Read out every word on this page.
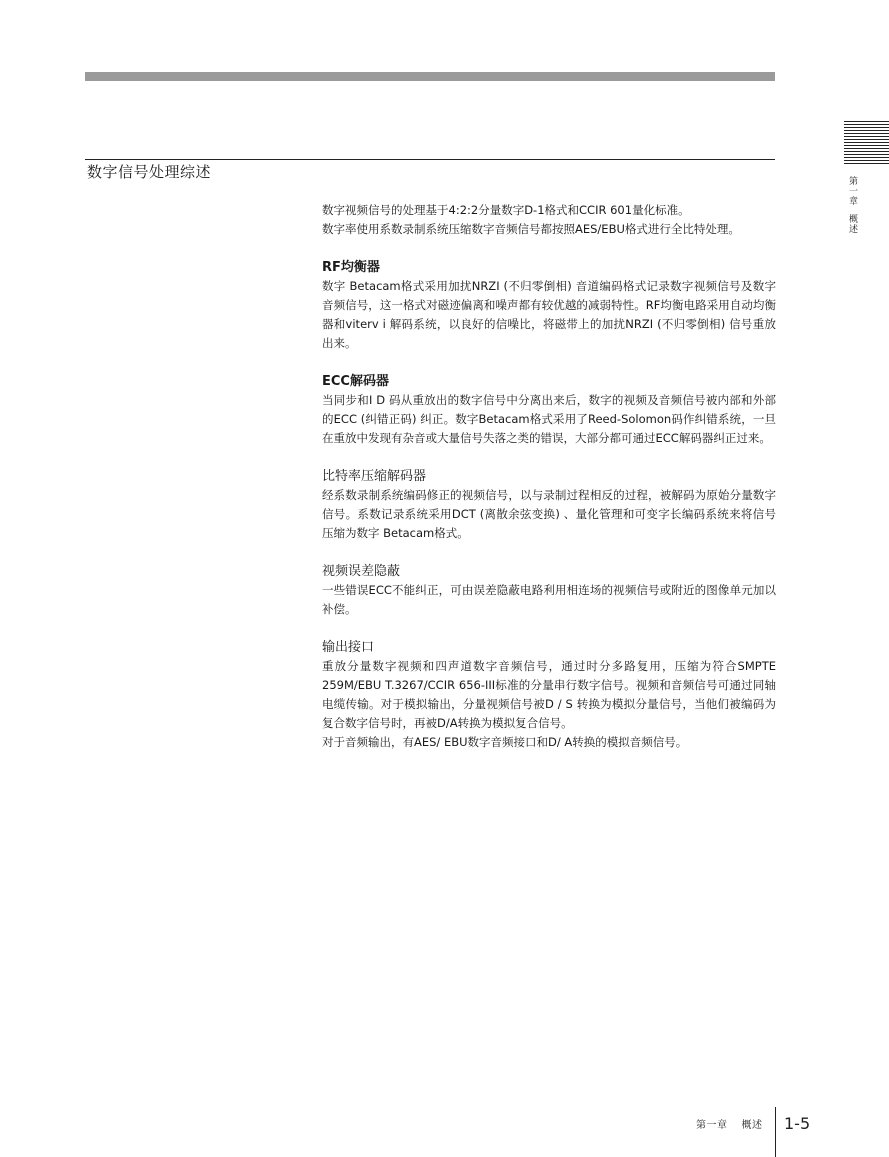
数字信号处理综述
第一章概述

数字视频信号的处理基于4:2:2分量数字D-1格式和CCIR 601量化标准。

数字率使用系数录制系统压缩数字音频信号都按照AES/EBU格式进行全比特处理。

RF均衡器

数字 Betacam格式采用加扰NRZI (不归零倒相) 音道编码格式记录数字视频信号及数字音频信号，这一格式对磁迹偏离和噪声都有较优越的减弱特性。RF均衡电路采用自动均衡器和viterv i 解码系统，以良好的信噪比，将磁带上的加扰NRZI (不归零倒相) 信号重放出来。

ECC解码器

当同步和I D 码从重放出的数字信号中分离出来后，数字的视频及音频信号被内部和外部的ECC (纠错正码) 纠正。数字Betacam格式采用了Reed-Solomon码作纠错系统，一旦在重放中发现有杂音或大量信号失落之类的错误，大部分都可通过ECC解码器纠正过来。

比特率压缩解码器

经系数录制系统编码修正的视频信号，以与录制过程相反的过程，被解码为原始分量数字信号。系数记录系统采用DCT (离散余弦变换) 、量化管理和可变字长编码系统来将信号压缩为数字 Betacam格式。

视频误差隐蔽

一些错误ECC不能纠正，可由误差隐蔽电路利用相连场的视频信号或附近的图像单元加以补偿。

输出接口

重放分量数字视频和四声道数字音频信号，通过时分多路复用，压缩为符合SMPTE 259M/EBU T.3267/CCIR 656-III标准的分量串行数字信号。视频和音频信号可通过同轴电缆传输。对于模拟输出，分量视频信号被D / S 转换为模拟分量信号，当他们被编码为复合数字信号时，再被D/A转换为模拟复合信号。

对于音频输出，有AES/ EBU数字音频接口和D/ A转换的模拟音频信号。

第一章 概述 1-5
